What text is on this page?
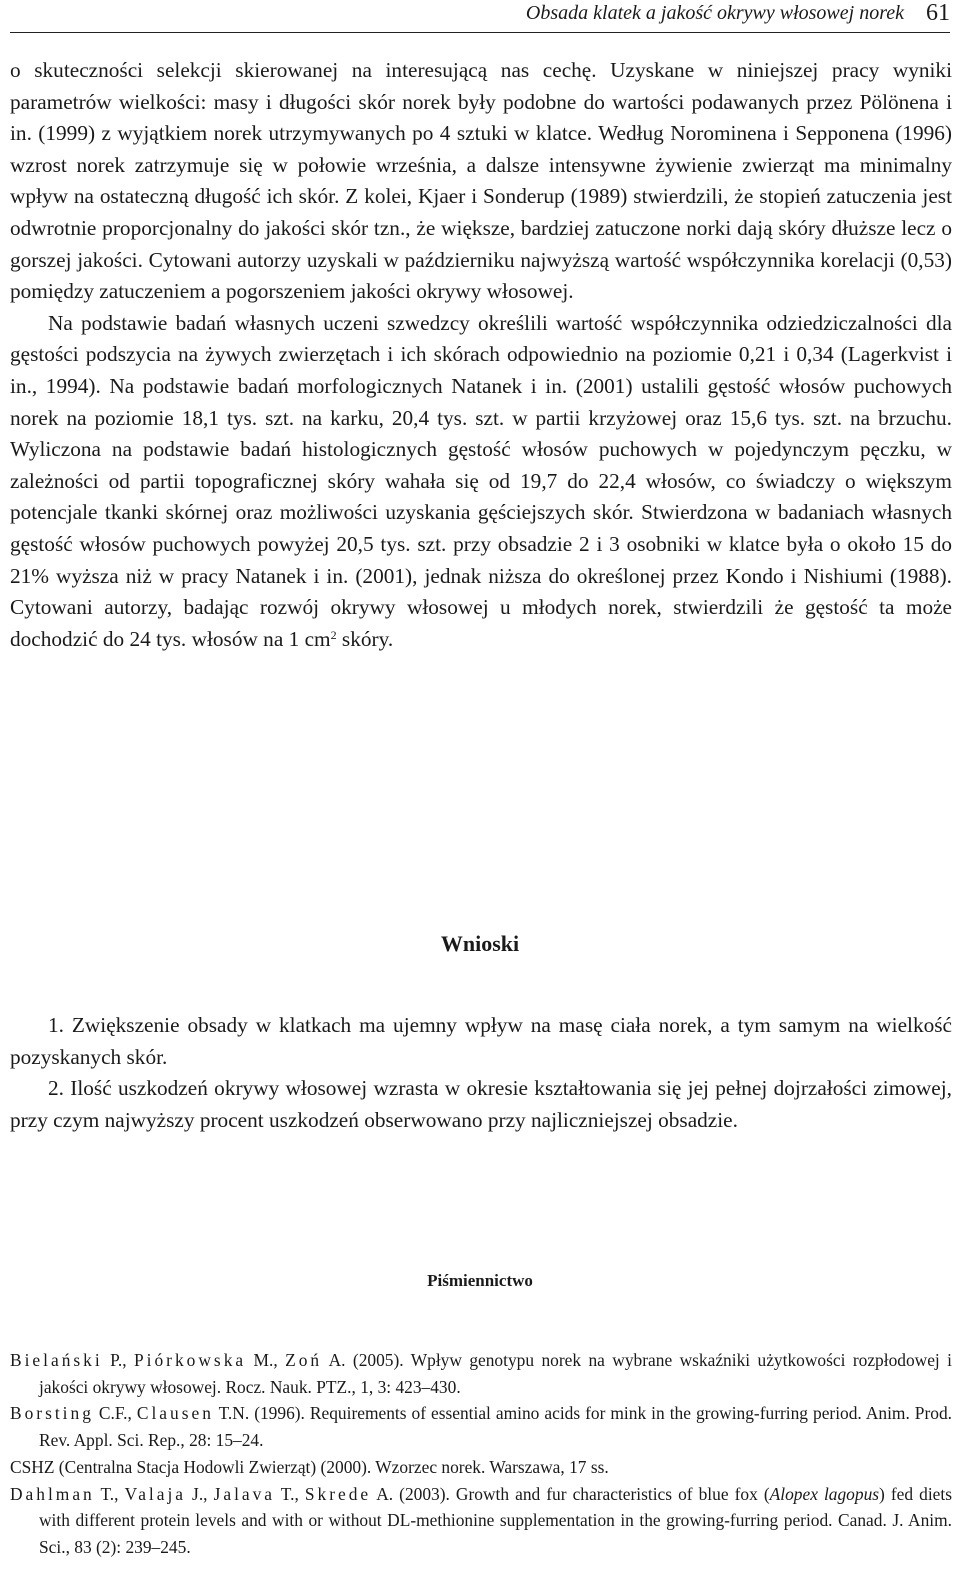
Obsada klatek a jakość okrywy włosowej norek 61

o skuteczności selekcji skierowanej na interesującą nas cechę. Uzyskane w niniejszej pracy wyniki parametrów wielkości: masy i długości skór norek były podobne do wartości podawanych przez Pölönena i in. (1999) z wyjątkiem norek utrzymywanych po 4 sztuki w klatce. Według Norominena i Sepponena (1996) wzrost norek zatrzymuje się w połowie września, a dalsze intensywne żywienie zwierząt ma minimalny wpływ na ostateczną długość ich skór. Z kolei, Kjaer i Sonderup (1989) stwierdzili, że stopień zatuczenia jest odwrotnie proporcjonalny do jakości skór tzn., że większe, bardziej zatuczone norki dają skóry dłuższe lecz o gorszej jakości. Cytowani autorzy uzyskali w październiku najwyższą wartość współczynnika korelacji (0,53) pomiędzy zatuczeniem a pogorszeniem jakości okrywy włosowej.

Na podstawie badań własnych uczeni szwedzcy określili wartość współczynnika odziedziczalności dla gęstości podszycia na żywych zwierzętach i ich skórach odpowiednio na poziomie 0,21 i 0,34 (Lagerkvist i in., 1994). Na podstawie badań morfologicznych Natanek i in. (2001) ustalili gęstość włosów puchowych norek na poziomie 18,1 tys. szt. na karku, 20,4 tys. szt. w partii krzyżowej oraz 15,6 tys. szt. na brzuchu. Wyliczona na podstawie badań histologicznych gęstość włosów puchowych w pojedynczym pęczku, w zależności od partii topograficznej skóry wahała się od 19,7 do 22,4 włosów, co świadczy o większym potencjale tkanki skórnej oraz możliwości uzyskania gęściejszych skór. Stwierdzona w badaniach własnych gęstość włosów puchowych powyżej 20,5 tys. szt. przy obsadzie 2 i 3 osobniki w klatce była o około 15 do 21% wyższa niż w pracy Natanek i in. (2001), jednak niższa do określonej przez Kondo i Nishiumi (1988). Cytowani autorzy, badając rozwój okrywy włosowej u młodych norek, stwierdzili że gęstość ta może dochodzić do 24 tys. włosów na 1 $cm^2$ skóry.

Wnioski

1. Zwiększenie obsady w klatkach ma ujemny wpływ na masę ciała norek, a tym samym na wielkość pozyskanych skór.

2. Ilość uszkodzeń okrywy włosowej wzrasta w okresie kształtowania się jej pełnej dojrzałości zimowej, przy czym najwyższy procent uszkodzeń obserwowano przy najliczniejszej obsadzie.

Piśmiennictwo

Bielański P., Piórkowska M., Zoń A. (2005). Wpływ genotypu norek na wybrane wskaźniki użytkowości rozpłodowej i jakości okrywy włosowej. Rocz. Nauk. PTZ., 1, 3: 423–430.

Borsting C.F., Clausen T.N. (1996). Requirements of essential amino acids for mink in the growing-furring period. Anim. Prod. Rev. Appl. Sci. Rep., 28: 15–24.

CSHZ (Centralna Stacja Hodowli Zwierząt) (2000). Wzorzec norek. Warszawa, 17 ss.

Dahlman T., Valaja J., Jalava T., Skrede A. (2003). Growth and fur characteristics of blue fox (Alopex lagopus) fed diets with different protein levels and with or without DL-methionine supplementation in the growing-furring period. Canad. J. Anim. Sci., 83 (2): 239–245.
